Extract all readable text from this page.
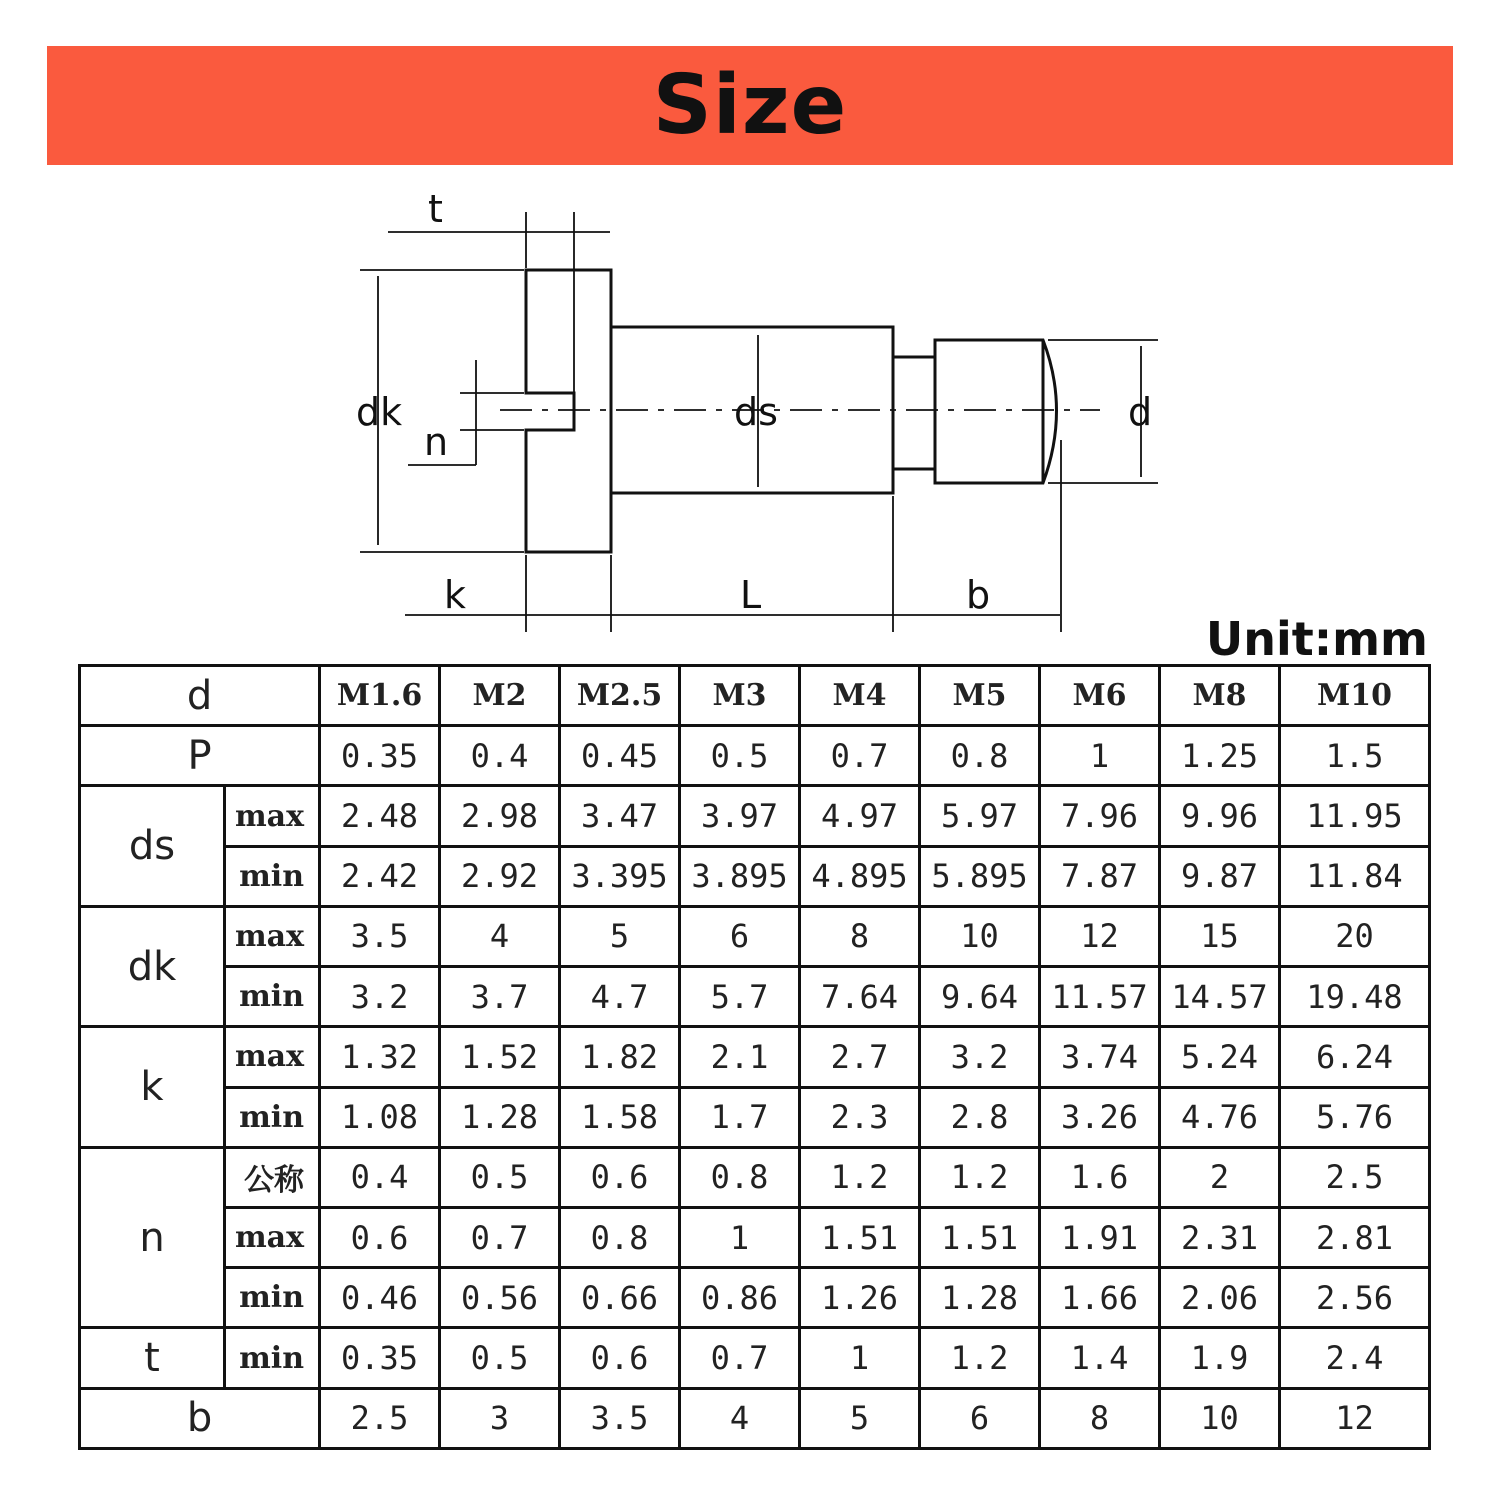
Size
t
dk
n
ds	d
k	L	b
Unit:mm
d		M1.6	M2	M2.5	M3	M4	M5	M6	M8	M10
P		0.35	0.4	0.45	0.5	0.7	0.8	1	1.25	1.5
ds	max	2.48	2.98	3.47	3.97	4.97	5.97	7.96	9.96	11.95
	min	2.42	2.92	3.395	3.895	4.895	5.895	7.87	9.87	11.84
dk	max	3.5	4	5	6	8	10	12	15	20
	min	3.2	3.7	4.7	5.7	7.64	9.64	11.57	14.57	19.48
k	max	1.32	1.52	1.82	2.1	2.7	3.2	3.74	5.24	6.24
	min	1.08	1.28	1.58	1.7	2.3	2.8	3.26	4.76	5.76
n	公称	0.4	0.5	0.6	0.8	1.2	1.2	1.6	2	2.5
	max	0.6	0.7	0.8	1	1.51	1.51	1.91	2.31	2.81
	min	0.46	0.56	0.66	0.86	1.26	1.28	1.66	2.06	2.56
t	min	0.35	0.5	0.6	0.7	1	1.2	1.4	1.9	2.4
b		2.5	3	3.5	4	5	6	8	10	12
